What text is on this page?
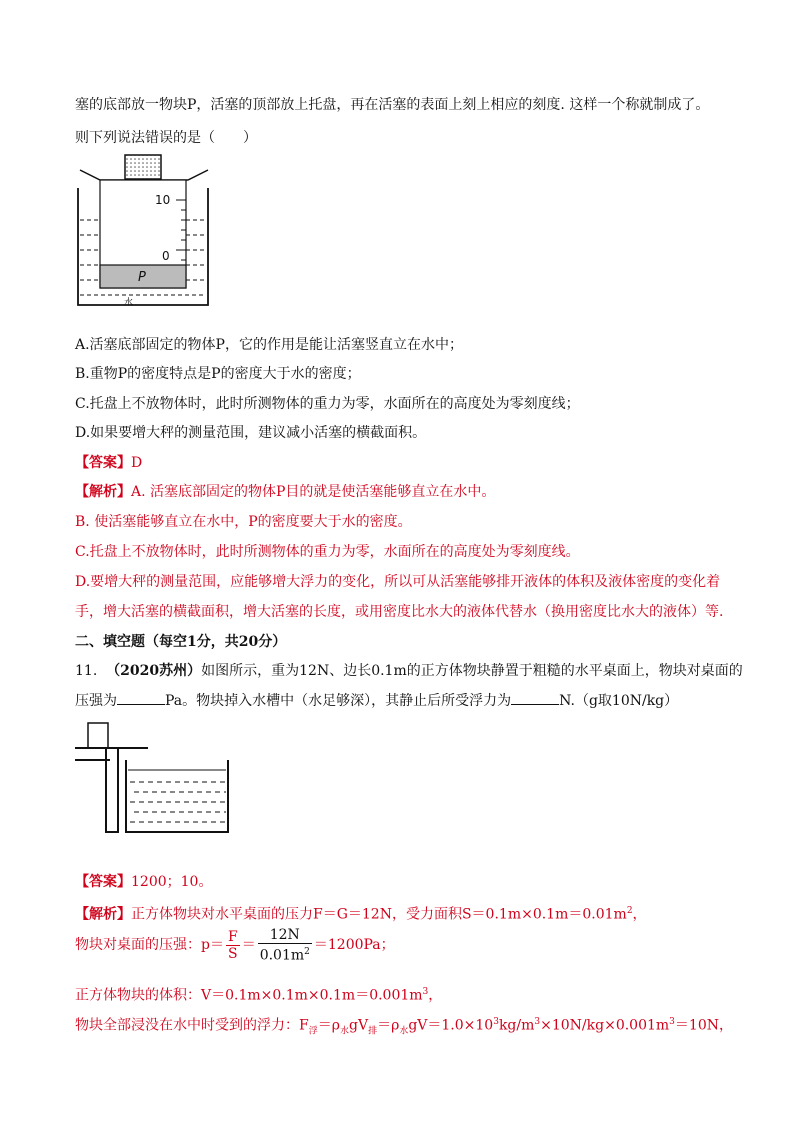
塞的底部放一物块P，活塞的顶部放上托盘，再在活塞的表面上刻上相应的刻度. 这样一个称就制成了。
则下列说法错误的是（　　）
10
0
P
水
A.活塞底部固定的物体P，它的作用是能让活塞竖直立在水中；
B.重物P的密度特点是P的密度大于水的密度；
C.托盘上不放物体时，此时所测物体的重力为零，水面所在的高度处为零刻度线；
D.如果要增大秤的测量范围，建议减小活塞的横截面积。
【答案】D
【解析】A. 活塞底部固定的物体P目的就是使活塞能够直立在水中。
B. 使活塞能够直立在水中，P的密度要大于水的密度。
C.托盘上不放物体时，此时所测物体的重力为零，水面所在的高度处为零刻度线。
D.要增大秤的测量范围，应能够增大浮力的变化，所以可从活塞能够排开液体的体积及液体密度的变化着
手，增大活塞的横截面积，增大活塞的长度，或用密度比水大的液体代替水（换用密度比水大的液体）等.
二、填空题（每空1分，共20分）
11. （2020苏州）如图所示，重为12N、边长0.1m的正方体物块静置于粗糙的水平桌面上，物块对桌面的
压强为	Pa。物块掉入水槽中（水足够深），其静止后所受浮力为	N.（g取10N/kg）
【答案】1200；10。
【解析】正方体物块对水平桌面的压力F＝G＝12N，受力面积$S=0.1m\times 0.1m=0.01m^2$，
物块对桌面的压强：$p= \frac{F}{S} = \frac{12N}{0.01m^2} =1200Pa$；
正方体物块的体积：$V=0.1m\times 0.1m\times 0.1m=0.001m^3$，
物块全部浸没在水中时受到的浮力：$F_浮=\rho_水gV_排=\rho_水gV=1.0\times 10^3kg/m^3\times 10N/kg\times 0.001m^3=10N$，
